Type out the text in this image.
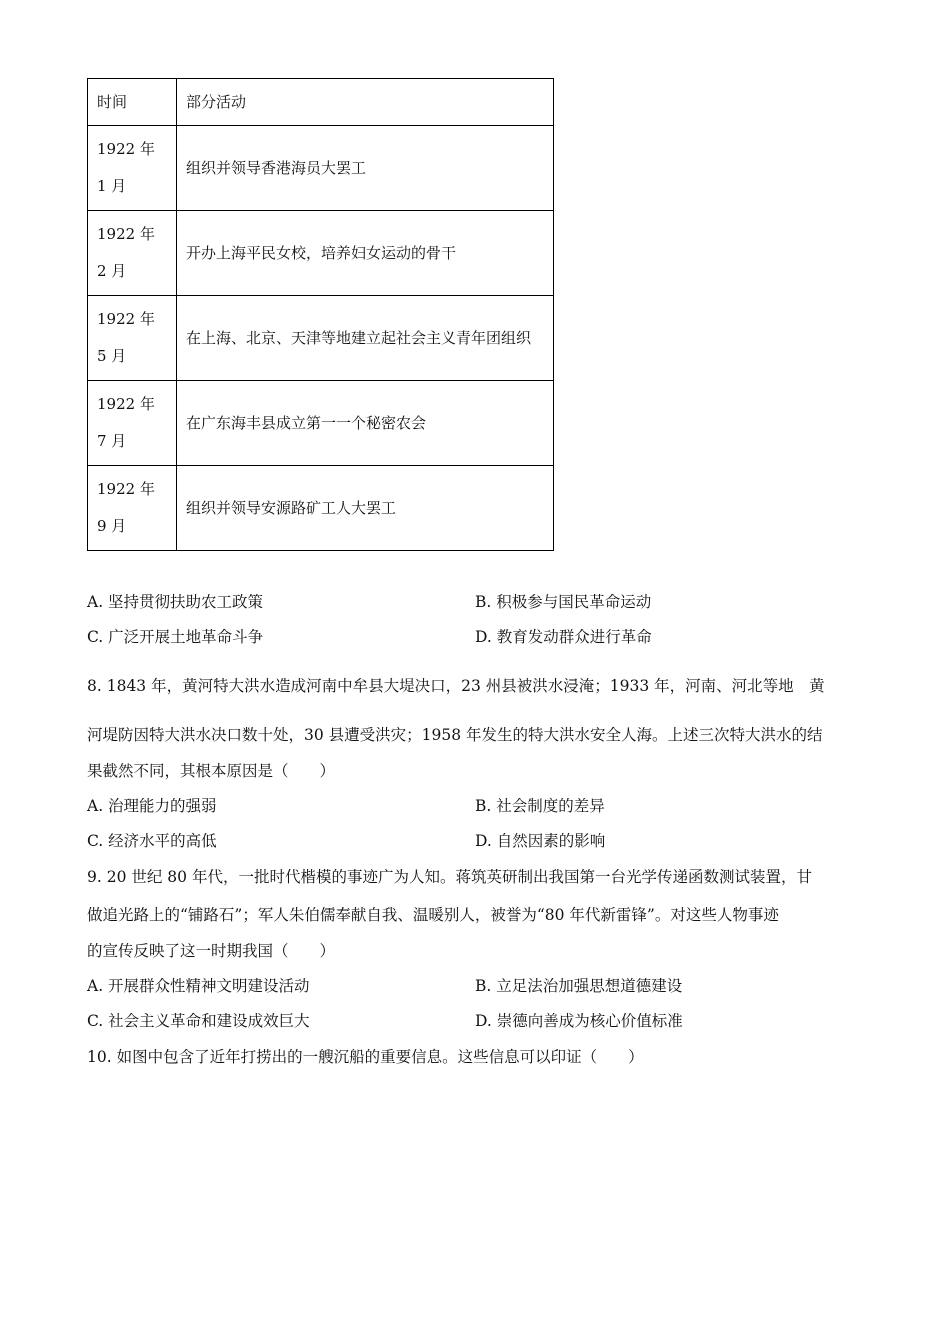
时间	部分活动
1922 年 1 月	组织并领导香港海员大罢工
1922 年 2 月	开办上海平民女校，培养妇女运动的骨干
1922 年 5 月	在上海、北京、天津等地建立起社会主义青年团组织
1922 年 7 月	在广东海丰县成立第一一个秘密农会
1922 年 9 月	组织并领导安源路矿工人大罢工
A. 坚持贯彻扶助农工政策	B. 积极参与国民革命运动
C. 广泛开展土地革命斗争	D. 教育发动群众进行革命
8. 1843 年，黄河特大洪水造成河南中牟县大堤决口，23 州县被洪水浸淹；1933 年，河南、河北等地　黄
河堤防因特大洪水决口数十处，30 县遭受洪灾；1958 年发生的特大洪水安全人海。上述三次特大洪水的结
果截然不同，其根本原因是（　　）
A. 治理能力的强弱	B. 社会制度的差异
C. 经济水平的高低	D. 自然因素的影响
9. 20 世纪 80 年代，一批时代楷模的事迹广为人知。蒋筑英研制出我国第一台光学传递函数测试装置，甘
做追光路上的“铺路石”；军人朱伯儒奉献自我、温暖别人，被誉为“80 年代新雷锋”。对这些人物事迹
的宣传反映了这一时期我国（　　）
A. 开展群众性精神文明建设活动	B. 立足法治加强思想道德建设
C. 社会主义革命和建设成效巨大	D. 崇德向善成为核心价值标准
10. 如图中包含了近年打捞出的一艘沉船的重要信息。这些信息可以印证（　　）
